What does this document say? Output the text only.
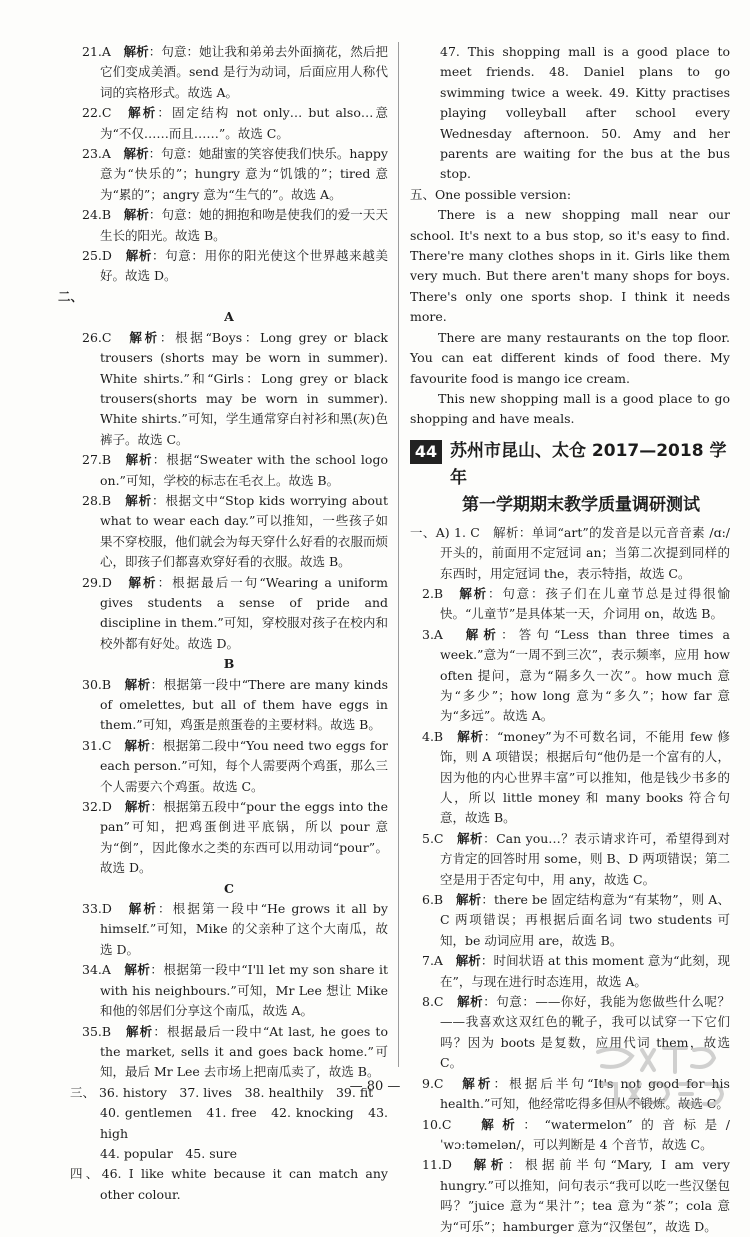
21.A　 解析：句意：她让我和弟弟去外面摘花，然后把它们变成美酒。send 是行为动词，后面应用人称代词的宾格形式。故选 A。

22.C　 解析：固定结构 not only… but also…意为“不仅……而且……”。故选 C。

23.A　 解析：句意：她甜蜜的笑容使我们快乐。happy 意为“快乐的”；hungry 意为“饥饿的”；tired 意为“累的”；angry 意为“生气的”。故选 A。

24.B　 解析：句意：她的拥抱和吻是使我们的爱一天天生长的阳光。故选 B。

25.D　 解析：句意：用你的阳光使这个世界越来越美好。故选 D。

二、

A

26.C　 解析：根据“Boys：Long grey or black trousers (shorts may be worn in summer). White shirts.”和“Girls：Long grey or black trousers(shorts may be worn in summer). White shirts.”可知，学生通常穿白衬衫和黑(灰)色裤子。故选 C。

27.B　 解析：根据“Sweater with the school logo on.”可知，学校的标志在毛衣上。故选 B。

28.B　 解析：根据文中“Stop kids worrying about what to wear each day.”可以推知，一些孩子如果不穿校服，他们就会为每天穿什么好看的衣服而烦心，即孩子们都喜欢穿好看的衣服。故选 B。

29.D　 解析：根据最后一句“Wearing a uniform gives students a sense of pride and discipline in them.”可知，穿校服对孩子在校内和校外都有好处。故选 D。

B

30.B　 解析：根据第一段中“There are many kinds of omelettes, but all of them have eggs in them.”可知，鸡蛋是煎蛋卷的主要材料。故选 B。

31.C　 解析：根据第二段中“You need two eggs for each person.”可知，每个人需要两个鸡蛋，那么三个人需要六个鸡蛋。故选 C。

32.D　 解析：根据第五段中“pour the eggs into the pan”可知，把鸡蛋倒进平底锅，所以 pour 意为“倒”，因此像水之类的东西可以用动词“pour”。故选 D。

C

33.D　 解析：根据第一段中“He grows it all by himself.”可知，Mike 的父亲种了这个大南瓜，故选 D。

34.A　 解析：根据第一段中“I'll let my son share it with his neighbours.”可知，Mr Lee 想让 Mike 和他的邻居们分享这个南瓜，故选 A。

35.B　 解析：根据最后一段中“At last, he goes to the market, sells it and goes back home.”可知，最后 Mr Lee 去市场上把南瓜卖了，故选 B。

三、 36. history　37. lives　38. healthily　39. fit

40. gentlemen　41. free　42. knocking　43. high

44. popular　45. sure

四、46. I like white because it can match any other colour.

47. This shopping mall is a good place to meet friends. 48. Daniel plans to go swimming twice a week. 49. Kitty practises playing volleyball after school every Wednesday afternoon. 50. Amy and her parents are waiting for the bus at the bus stop.

五、One possible version:

There is a new shopping mall near our school. It's next to a bus stop, so it's easy to find. There're many clothes shops in it. Girls like them very much. But there aren't many shops for boys. There's only one sports shop. I think it needs more.

There are many restaurants on the top floor. You can eat different kinds of food there. My favourite food is mango ice cream.

This new shopping mall is a good place to go shopping and have meals.

44 苏州市昆山、太仓 2017—2018 学年
第一学期期末教学质量调研测试

一、A) 1. C　解析：单词“art”的发音是以元音音素 /ɑ:/ 开头的，前面用不定冠词 an；当第二次提到同样的东西时，用定冠词 the，表示特指，故选 C。

2.B　 解析：句意：孩子们在儿童节总是过得很愉快。“儿童节”是具体某一天，介词用 on，故选 B。

3.A　 解析：答句“Less than three times a week.”意为“一周不到三次”，表示频率，应用 how often 提问，意为“隔多久一次”。how much 意为“多少”；how long 意为“多久”；how far 意为“多远”。故选 A。

4.B　 解析：“money”为不可数名词，不能用 few 修饰，则 A 项错误；根据后句“他仍是一个富有的人，因为他的内心世界丰富”可以推知，他是钱少书多的人，所以 little money 和 many books 符合句意，故选 B。

5.C　 解析：Can you…？表示请求许可，希望得到对方肯定的回答时用 some，则 B、D 两项错误；第二空是用于否定句中，用 any，故选 C。

6.B　 解析：there be 固定结构意为“有某物”，则 A、C 两项错误；再根据后面名词 two students 可知，be 动词应用 are，故选 B。

7.A　 解析：时间状语 at this moment 意为“此刻，现在”，与现在进行时态连用，故选 A。

8.C　 解析：句意：——你好，我能为您做些什么呢？——我喜欢这双红色的靴子，我可以试穿一下它们吗？因为 boots 是复数，应用代词 them，故选 C。

9.C　 解析：根据后半句“It's not good for his health.”可知，他经常吃得多但从不锻炼。故选 C。

10.C　 解析：“watermelon”的音标是/ˈwɔːtəmelən/，可以判断是 4 个音节，故选 C。

11.D　 解析：根据前半句“Mary, I am very hungry.”可以推知，问句表示“我可以吃一些汉堡包吗？”juice 意为“果汁”；tea 意为“茶”；cola 意为“可乐”；hamburger 意为“汉堡包”，故选 D。

— 80 —
